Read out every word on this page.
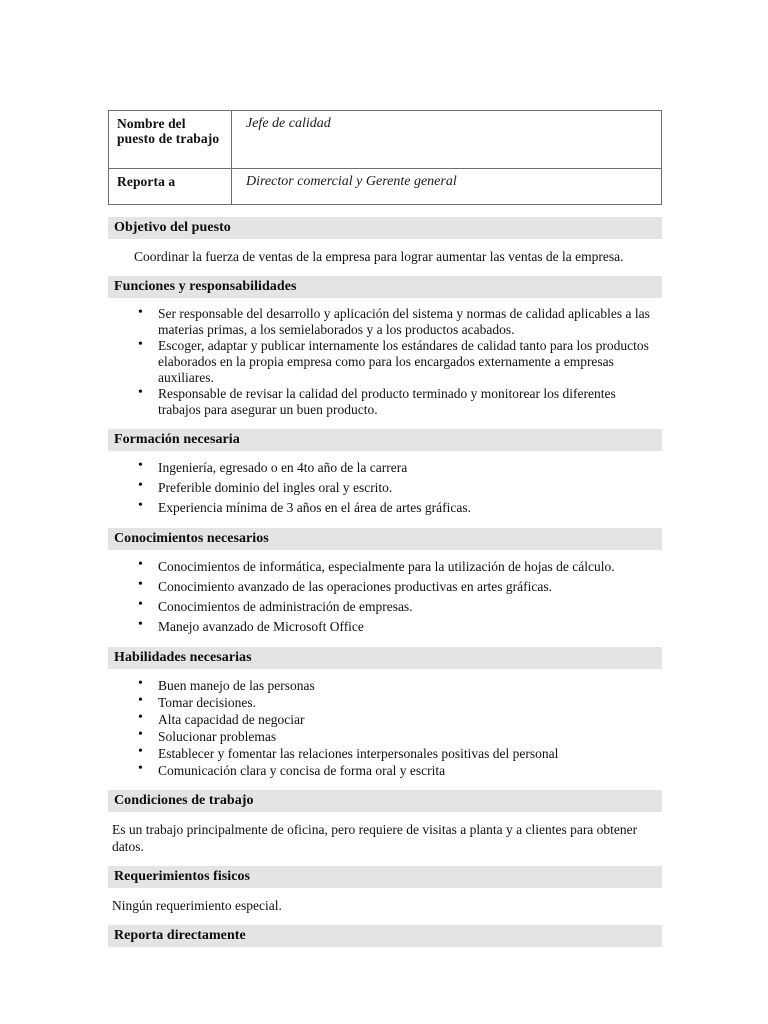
Nombre del puesto de trabajo	Jefe de calidad
Reporta a	Director comercial y Gerente general
Objetivo del puesto
Coordinar la fuerza de ventas de la empresa para lograr aumentar las ventas de la empresa.
Funciones y responsabilidades
• Ser responsable del desarrollo y aplicación del sistema y normas de calidad aplicables a las materias primas, a los semielaborados y a los productos acabados.
• Escoger, adaptar y publicar internamente los estándares de calidad tanto para los productos elaborados en la propia empresa como para los encargados externamente a empresas auxiliares.
• Responsable de revisar la calidad del producto terminado y monitorear los diferentes trabajos para asegurar un buen producto.
Formación necesaria
• Ingeniería, egresado o en 4to año de la carrera
• Preferible dominio del ingles oral y escrito.
• Experiencia mínima de 3 años en el área de artes gráficas.
Conocimientos necesarios
• Conocimientos de informática, especialmente para la utilización de hojas de cálculo.
• Conocimiento avanzado de las operaciones productivas en artes gráficas.
• Conocimientos de administración de empresas.
• Manejo avanzado de Microsoft Office
Habilidades necesarias
• Buen manejo de las personas
• Tomar decisiones.
• Alta capacidad de negociar
• Solucionar problemas
• Establecer y fomentar las relaciones interpersonales positivas del personal
• Comunicación clara y concisa de forma oral y escrita
Condiciones de trabajo
Es un trabajo principalmente de oficina, pero requiere de visitas a planta y a clientes para obtener datos.
Requerimientos fisicos
Ningún requerimiento especial.
Reporta directamente
